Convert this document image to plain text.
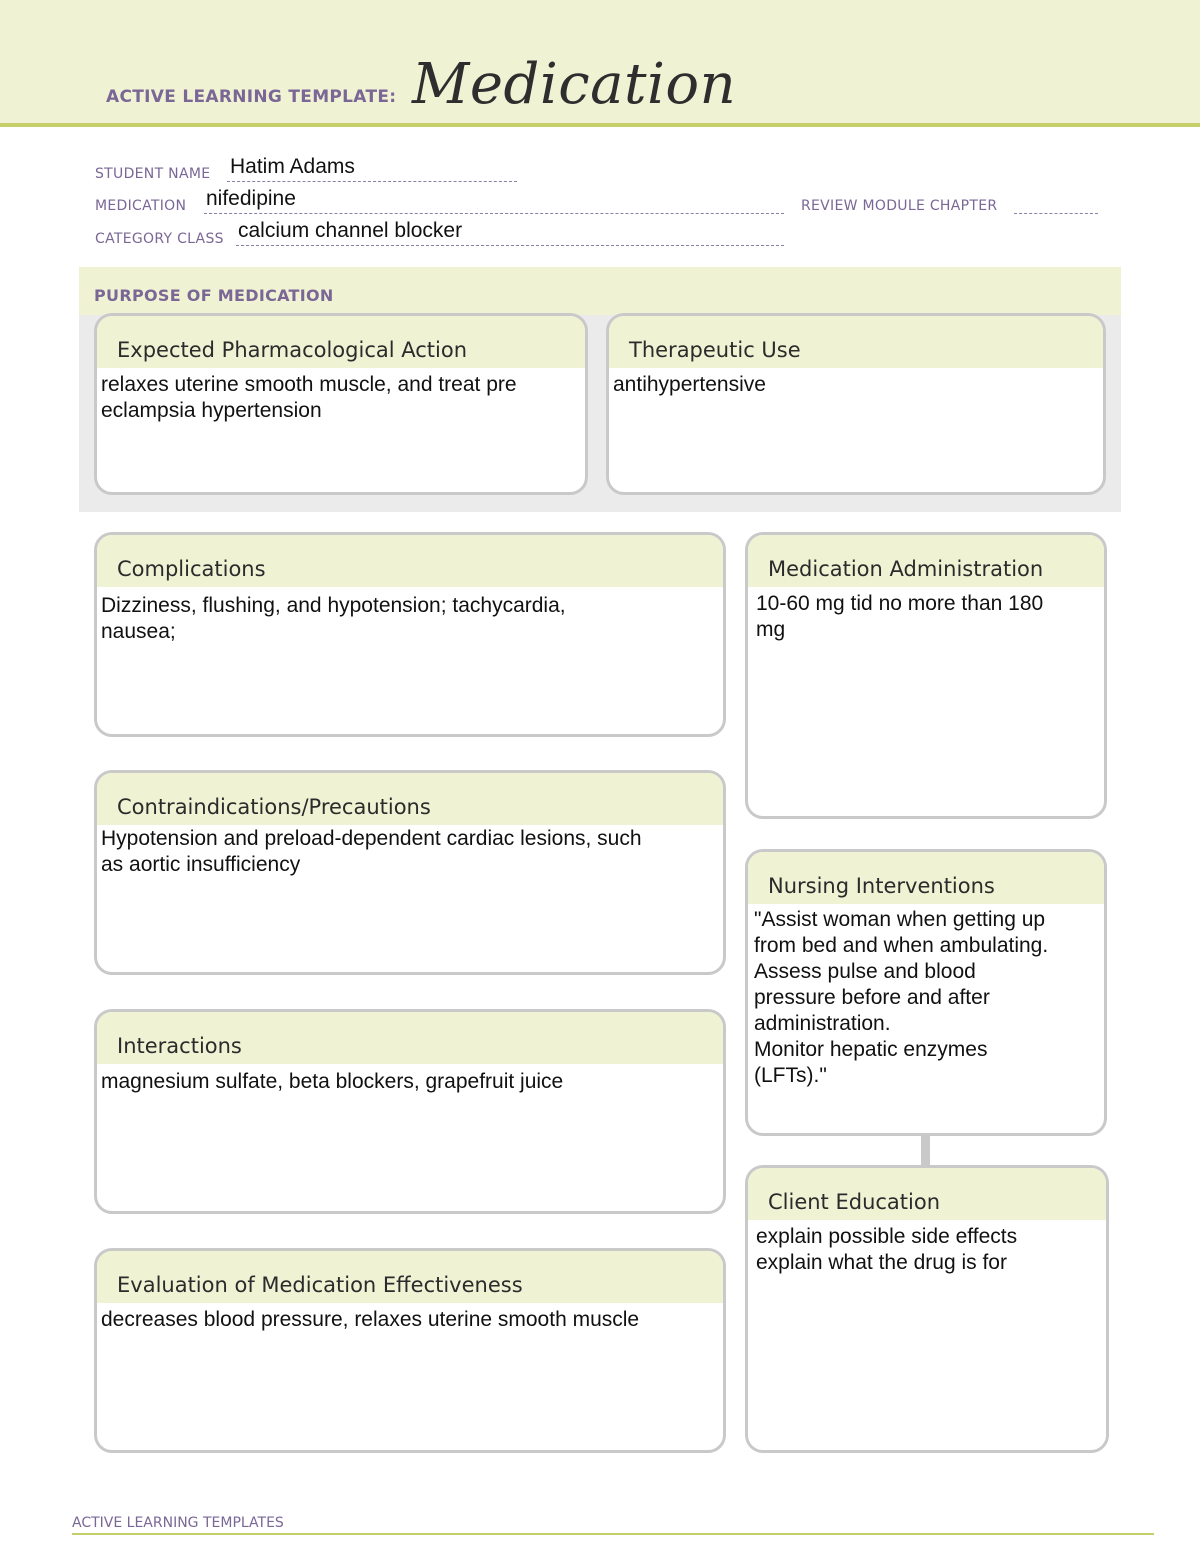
ACTIVE LEARNING TEMPLATE: Medication
STUDENT NAME Hatim Adams
MEDICATION nifedipine	REVIEW MODULE CHAPTER
CATEGORY CLASS calcium channel blocker
PURPOSE OF MEDICATION
Expected Pharmacological Action
relaxes uterine smooth muscle, and treat pre
eclampsia hypertension
Therapeutic Use
antihypertensive
Complications
Dizziness, flushing, and hypotension; tachycardia,
nausea;
Contraindications/Precautions
Hypotension and preload-dependent cardiac lesions, such
as aortic insufficiency
Interactions
magnesium sulfate, beta blockers, grapefruit juice
Evaluation of Medication Effectiveness
decreases blood pressure, relaxes uterine smooth muscle
Medication Administration
10-60 mg tid no more than 180
mg
Nursing Interventions
"Assist woman when getting up
from bed and when ambulating.
Assess pulse and blood
pressure before and after
administration.
Monitor hepatic enzymes
(LFTs)."
Client Education
explain possible side effects
explain what the drug is for
ACTIVE LEARNING TEMPLATES
